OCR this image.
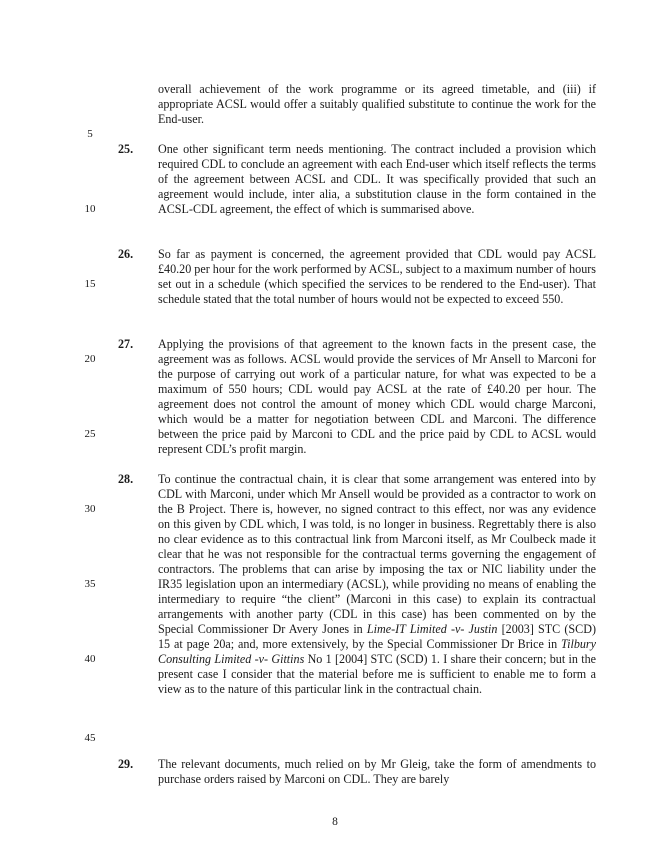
5
10
15
20
25
30
35
40
45
overall achievement of the work programme or its agreed timetable, and (iii) if appropriate ACSL would offer a suitably qualified substitute to continue the work for the End-user.
25.	One other significant term needs mentioning. The contract included a provision which required CDL to conclude an agreement with each End-user which itself reflects the terms of the agreement between ACSL and CDL. It was specifically provided that such an agreement would include, inter alia, a substitution clause in the form contained in the ACSL-CDL agreement, the effect of which is summarised above.
26.	So far as payment is concerned, the agreement provided that CDL would pay ACSL £40.20 per hour for the work performed by ACSL, subject to a maximum number of hours set out in a schedule (which specified the services to be rendered to the End-user). That schedule stated that the total number of hours would not be expected to exceed 550.
27.	Applying the provisions of that agreement to the known facts in the present case, the agreement was as follows. ACSL would provide the services of Mr Ansell to Marconi for the purpose of carrying out work of a particular nature, for what was expected to be a maximum of 550 hours; CDL would pay ACSL at the rate of £40.20 per hour. The agreement does not control the amount of money which CDL would charge Marconi, which would be a matter for negotiation between CDL and Marconi. The difference between the price paid by Marconi to CDL and the price paid by CDL to ACSL would represent CDL’s profit margin.
28.	To continue the contractual chain, it is clear that some arrangement was entered into by CDL with Marconi, under which Mr Ansell would be provided as a contractor to work on the B Project. There is, however, no signed contract to this effect, nor was any evidence on this given by CDL which, I was told, is no longer in business. Regrettably there is also no clear evidence as to this contractual link from Marconi itself, as Mr Coulbeck made it clear that he was not responsible for the contractual terms governing the engagement of contractors. The problems that can arise by imposing the tax or NIC liability under the IR35 legislation upon an intermediary (ACSL), while providing no means of enabling the intermediary to require “the client” (Marconi in this case) to explain its contractual arrangements with another party (CDL in this case) has been commented on by the Special Commissioner Dr Avery Jones in Lime-IT Limited -v- Justin [2003] STC (SCD) 15 at page 20a; and, more extensively, by the Special Commissioner Dr Brice in Tilbury Consulting Limited -v- Gittins No 1 [2004] STC (SCD) 1. I share their concern; but in the present case I consider that the material before me is sufficient to enable me to form a view as to the nature of this particular link in the contractual chain.
29.	The relevant documents, much relied on by Mr Gleig, take the form of amendments to purchase orders raised by Marconi on CDL. They are barely
8
